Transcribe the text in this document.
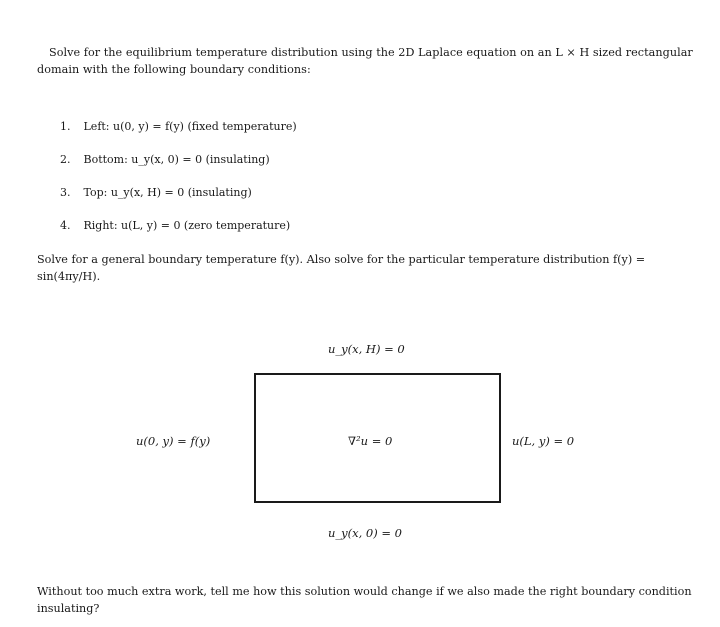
Solve for the equilibrium temperature distribution using the 2D Laplace equation on an L × H sized rectangular domain with the following boundary conditions:
1. Left: u(0, y) = f(y) (fixed temperature)
2. Bottom: u_y(x, 0) = 0 (insulating)
3. Top: u_y(x, H) = 0 (insulating)
4. Right: u(L, y) = 0 (zero temperature)
Solve for a general boundary temperature f(y). Also solve for the particular temperature distribution f(y) = sin(4πy/H).
u_y(x, H) = 0
u(0, y) = f(y)	∇²u = 0	u(L, y) = 0
u_y(x, 0) = 0
Without too much extra work, tell me how this solution would change if we also made the right boundary condition insulating?
